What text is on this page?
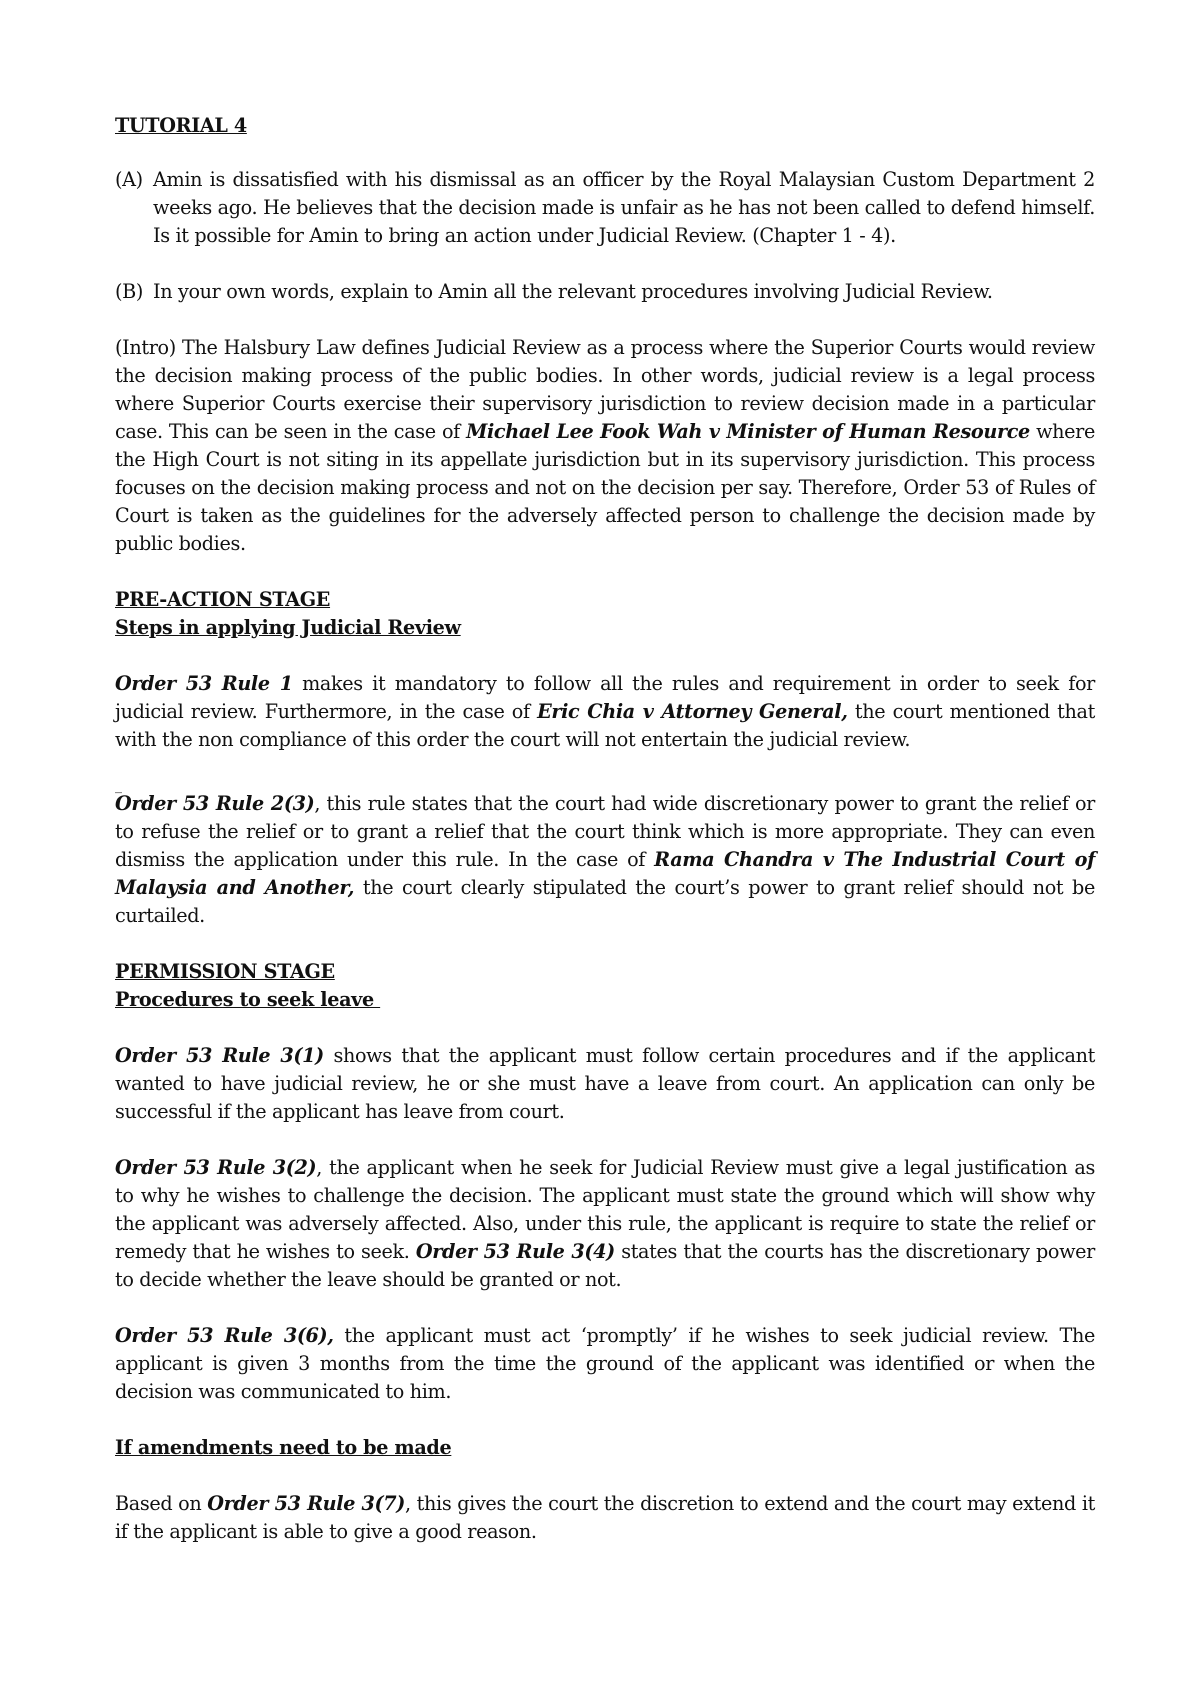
TUTORIAL 4

(A) Amin is dissatisfied with his dismissal as an officer by the Royal Malaysian Custom Department 2 weeks ago. He believes that the decision made is unfair as he has not been called to defend himself. Is it possible for Amin to bring an action under Judicial Review. (Chapter 1 - 4).
(B) In your own words, explain to Amin all the relevant procedures involving Judicial Review.

(Intro) The Halsbury Law defines Judicial Review as a process where the Superior Courts would review the decision making process of the public bodies. In other words, judicial review is a legal process where Superior Courts exercise their supervisory jurisdiction to review decision made in a particular case. This can be seen in the case of Michael Lee Fook Wah v Minister of Human Resource where the High Court is not siting in its appellate jurisdiction but in its supervisory jurisdiction. This process focuses on the decision making process and not on the decision per say. Therefore, Order 53 of Rules of Court is taken as the guidelines for the adversely affected person to challenge the decision made by public bodies.

PRE-ACTION STAGE

Steps in applying Judicial Review

Order 53 Rule 1 makes it mandatory to follow all the rules and requirement in order to seek for judicial review. Furthermore, in the case of Eric Chia v Attorney General, the court mentioned that with the non compliance of this order the court will not entertain the judicial review.

_

Order 53 Rule 2(3), this rule states that the court had wide discretionary power to grant the relief or to refuse the relief or to grant a relief that the court think which is more appropriate. They can even dismiss the application under this rule. In the case of Rama Chandra v The Industrial Court of Malaysia and Another, the court clearly stipulated the court’s power to grant relief should not be curtailed.

PERMISSION STAGE

Procedures to seek leave

Order 53 Rule 3(1) shows that the applicant must follow certain procedures and if the applicant wanted to have judicial review, he or she must have a leave from court. An application can only be successful if the applicant has leave from court.

Order 53 Rule 3(2), the applicant when he seek for Judicial Review must give a legal justification as to why he wishes to challenge the decision. The applicant must state the ground which will show why the applicant was adversely affected. Also, under this rule, the applicant is require to state the relief or remedy that he wishes to seek. Order 53 Rule 3(4) states that the courts has the discretionary power to decide whether the leave should be granted or not.

Order 53 Rule 3(6), the applicant must act ‘promptly’ if he wishes to seek judicial review. The applicant is given 3 months from the time the ground of the applicant was identified or when the decision was communicated to him.

If amendments need to be made

Based on Order 53 Rule 3(7), this gives the court the discretion to extend and the court may extend it if the applicant is able to give a good reason.
